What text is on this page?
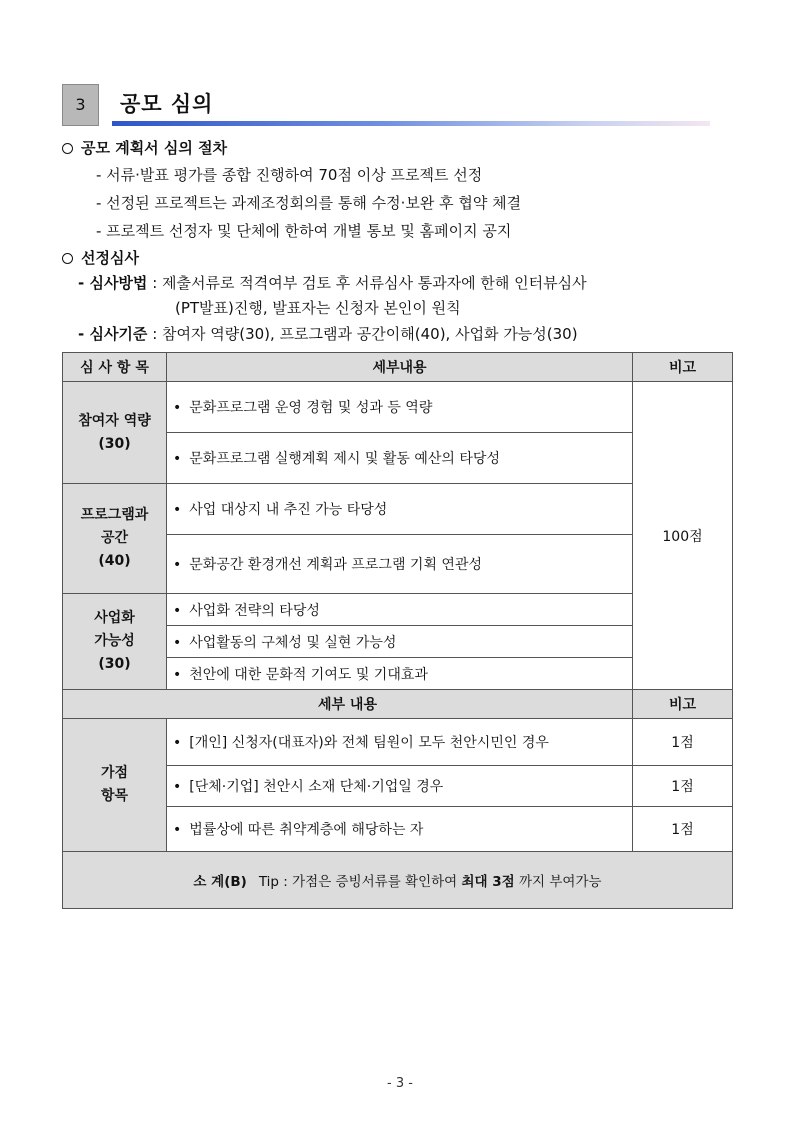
3	공모 심의
공모 계획서 심의 절차
- 서류·발표 평가를 종합 진행하여 70점 이상 프로젝트 선정
- 선정된 프로젝트는 과제조정회의를 통해 수정·보완 후 협약 체결
- 프로젝트 선정자 및 단체에 한하여 개별 통보 및 홈페이지 공지
선정심사
- 심사방법 : 제출서류로 적격여부 검토 후 서류심사 통과자에 한해 인터뷰심사
(PT발표)진행, 발표자는 신청자 본인이 원칙
- 심사기준 : 참여자 역량(30), 프로그램과 공간이해(40), 사업화 가능성(30)
심 사 항 목	세부내용	비고
참여자 역량
(30)	• 문화프로그램 운영 경험 및 성과 등 역량	100점
	• 문화프로그램 실행계획 제시 및 활동 예산의 타당성	
프로그램과
공간
(40)	• 사업 대상지 내 추진 가능 타당성	
	• 문화공간 환경개선 계획과 프로그램 기획 연관성	
사업화
가능성
(30)	• 사업화 전략의 타당성	
	• 사업활동의 구체성 및 실현 가능성	
	• 천안에 대한 문화적 기여도 및 기대효과	
세부 내용		비고
가점
항목	• [개인] 신청자(대표자)와 전체 팀원이 모두 천안시민인 경우	1점
	• [단체·기업] 천안시 소재 단체·기업일 경우	1점
	• 법률상에 따른 취약계층에 해당하는 자	1점
소 계(B) Tip : 가점은 증빙서류를 확인하여 최대 3점 까지 부여가능		
- 3 -
